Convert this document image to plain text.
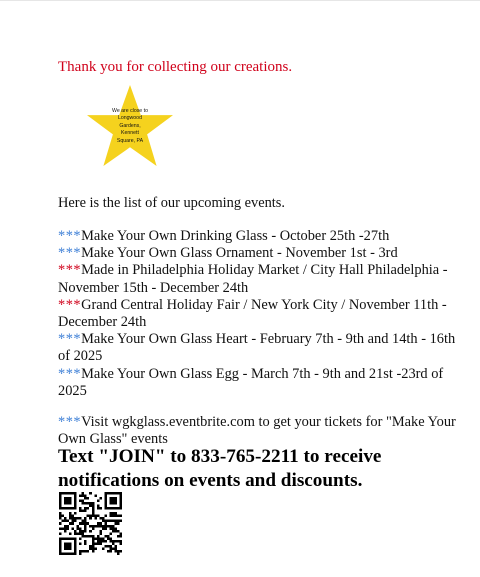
Thank you for collecting our creations.
We are close to
Longwood
Gardens,
Kennett
Square, PA
Here is the list of our upcoming events.

***Make Your Own Drinking Glass - October 25th -27th

***Make Your Own Glass Ornament - November 1st - 3rd

***Made in Philadelphia Holiday Market / City Hall Philadelphia - November 15th - December 24th

***Grand Central Holiday Fair / New York City / November 11th - December 24th

***Make Your Own Glass Heart - February 7th - 9th and 14th - 16th of 2025

***Make Your Own Glass Egg - March 7th - 9th and 21st -23rd of 2025

***Visit wgkglass.eventbrite.com to get your tickets for "Make Your Own Glass" events
Text "JOIN" to 833-765-2211 to receive notifications on events and discounts.
